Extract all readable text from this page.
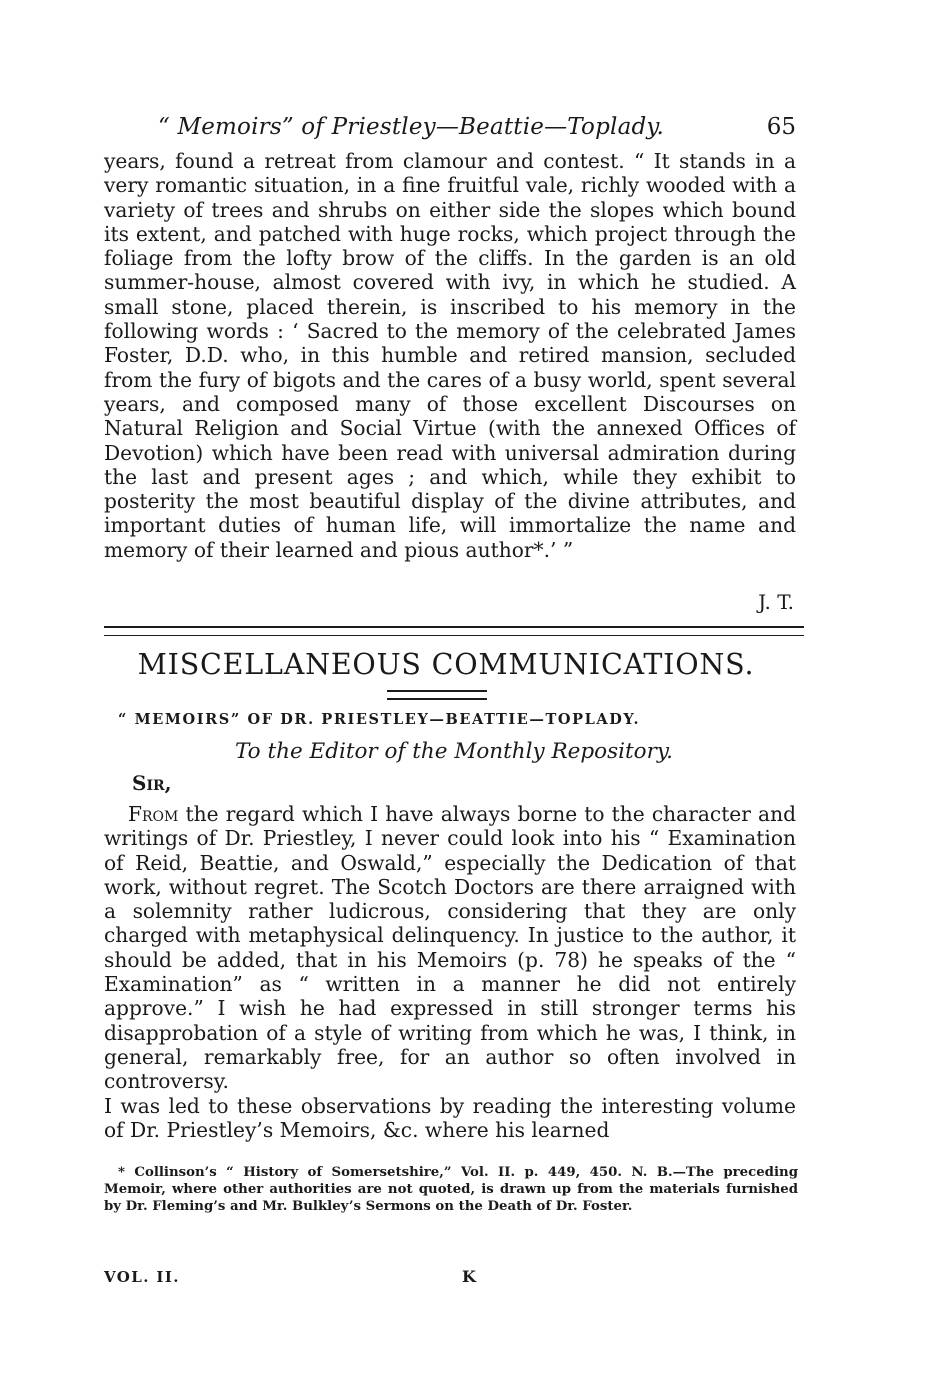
“ Memoirs” of Priestley—Beattie—Toplady.	65

years, found a retreat from clamour and contest. “ It stands in a very romantic situation, in a fine fruitful vale, richly wooded with a variety of trees and shrubs on either side the slopes which bound its extent, and patched with huge rocks, which project through the foliage from the lofty brow of the cliffs. In the garden is an old summer-house, almost covered with ivy, in which he studied. A small stone, placed therein, is inscribed to his memory in the following words : ‘ Sacred to the memory of the celebrated James Foster, D.D. who, in this humble and retired mansion, secluded from the fury of bigots and the cares of a busy world, spent several years, and composed many of those excellent Discourses on Natural Religion and Social Virtue (with the annexed Offices of Devotion) which have been read with universal admiration during the last and present ages ; and which, while they exhibit to posterity the most beautiful display of the divine attributes, and important duties of human life, will immortalize the name and memory of their learned and pious author*.’ ”

J. T.
MISCELLANEOUS COMMUNICATIONS.
“ MEMOIRS” OF DR. PRIESTLEY—BEATTIE—TOPLADY.
To the Editor of the Monthly Repository.
Sir,

From the regard which I have always borne to the character and writings of Dr. Priestley, I never could look into his “ Examination of Reid, Beattie, and Oswald,” especially the Dedication of that work, without regret. The Scotch Doctors are there arraigned with a solemnity rather ludicrous, considering that they are only charged with metaphysical delinquency. In justice to the author, it should be added, that in his Memoirs (p. 78) he speaks of the “ Examination” as “ written in a manner he did not entirely approve.” I wish he had expressed in still stronger terms his disapprobation of a style of writing from which he was, I think, in general, remarkably free, for an author so often involved in controversy.

I was led to these observations by reading the interesting volume of Dr. Priestley’s Memoirs, &c. where his learned

* Collinson’s “ History of Somersetshire,” Vol. II. p. 449, 450. N. B.—The preceding Memoir, where other authorities are not quoted, is drawn up from the materials furnished by Dr. Fleming’s and Mr. Bulkley’s Sermons on the Death of Dr. Foster.

VOL. II.	K
